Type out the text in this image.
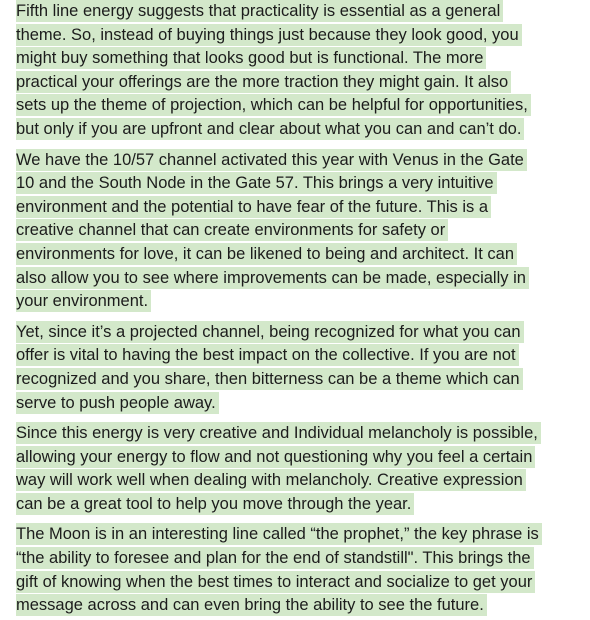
Fifth line energy suggests that practicality is essential as a general
theme. So, instead of buying things just because they look good, you
might buy something that looks good but is functional. The more
practical your offerings are the more traction they might gain. It also
sets up the theme of projection, which can be helpful for opportunities,
but only if you are upfront and clear about what you can and can’t do.

We have the 10/57 channel activated this year with Venus in the Gate
10 and the South Node in the Gate 57. This brings a very intuitive
environment and the potential to have fear of the future. This is a
creative channel that can create environments for safety or
environments for love, it can be likened to being and architect. It can
also allow you to see where improvements can be made, especially in
your environment.

Yet, since it’s a projected channel, being recognized for what you can
offer is vital to having the best impact on the collective. If you are not
recognized and you share, then bitterness can be a theme which can
serve to push people away.

Since this energy is very creative and Individual melancholy is possible,
allowing your energy to flow and not questioning why you feel a certain
way will work well when dealing with melancholy. Creative expression
can be a great tool to help you move through the year.

The Moon is in an interesting line called “the prophet,” the key phrase is
“the ability to foresee and plan for the end of standstill". This brings the
gift of knowing when the best times to interact and socialize to get your
message across and can even bring the ability to see the future.
